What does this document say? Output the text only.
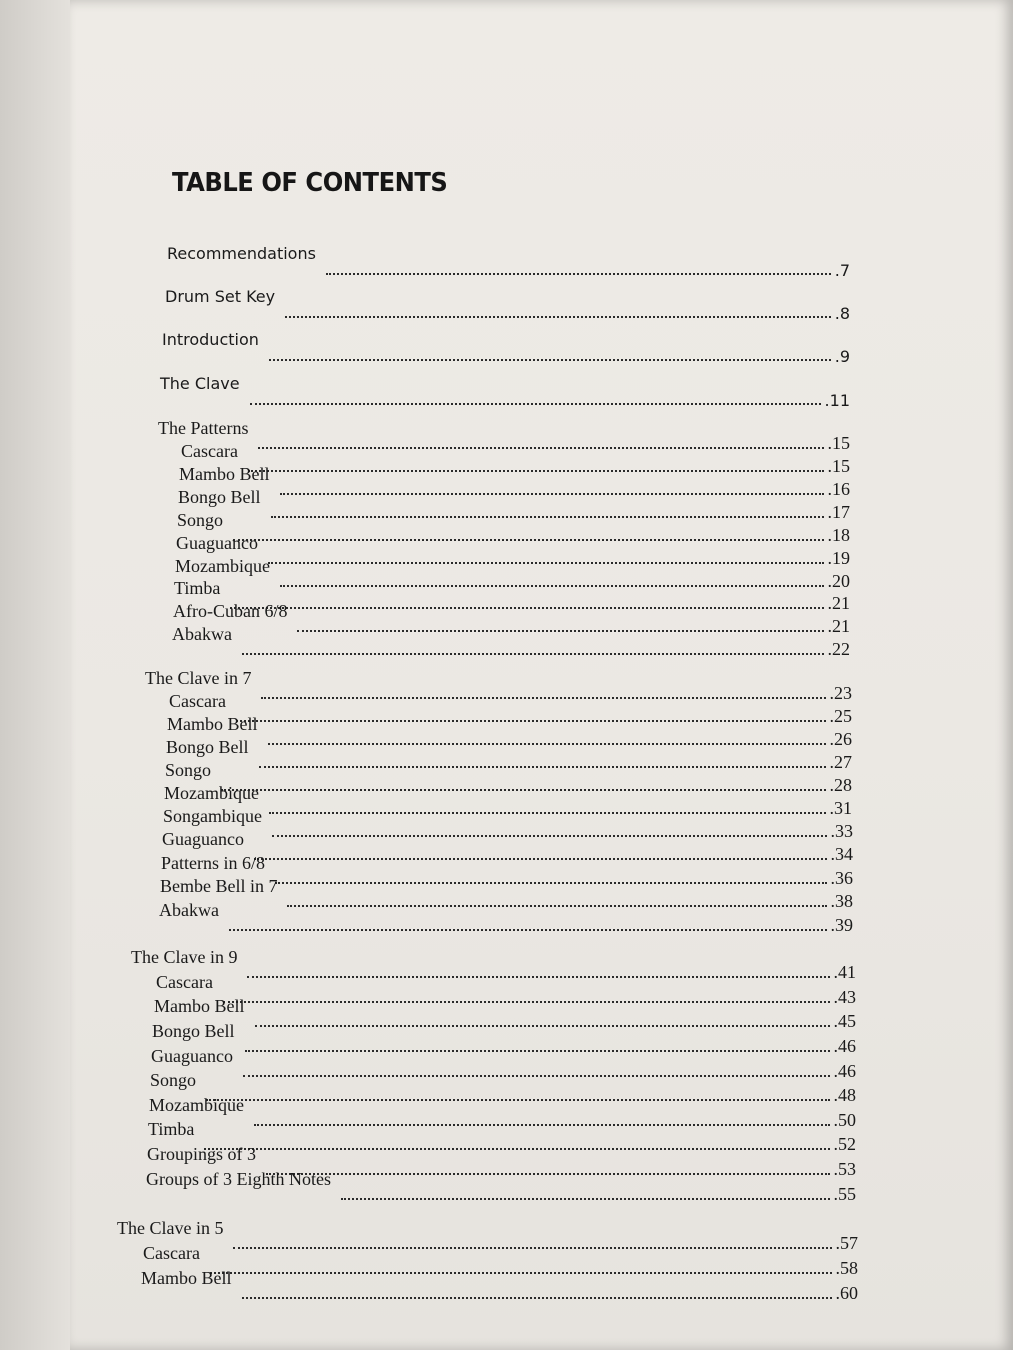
TABLE OF CONTENTS
Recommendations
.7
Drum Set Key
.8
Introduction
.9
The Clave
.11
The Patterns
.15
Cascara
.15
Mambo Bell
.16
Bongo Bell
.17
Songo
.18
Guaguanco
.19
Mozambique
.20
Timba
.21
Afro-Cuban 6/8
.21
Abakwa
.22
The Clave in 7
.23
Cascara
.25
Mambo Bell
.26
Bongo Bell
.27
Songo
.28
Mozambique
.31
Songambique
.33
Guaguanco
.34
Patterns in 6/8
.36
Bembe Bell in 7
.38
Abakwa
.39
The Clave in 9
.41
Cascara
.43
Mambo Bell
.45
Bongo Bell
.46
Guaguanco
.46
Songo
.48
Mozambique
.50
Timba
.52
Groupings of 3
.53
Groups of 3 Eighth Notes
.55
The Clave in 5
.57
Cascara
.58
Mambo Bell
.60
